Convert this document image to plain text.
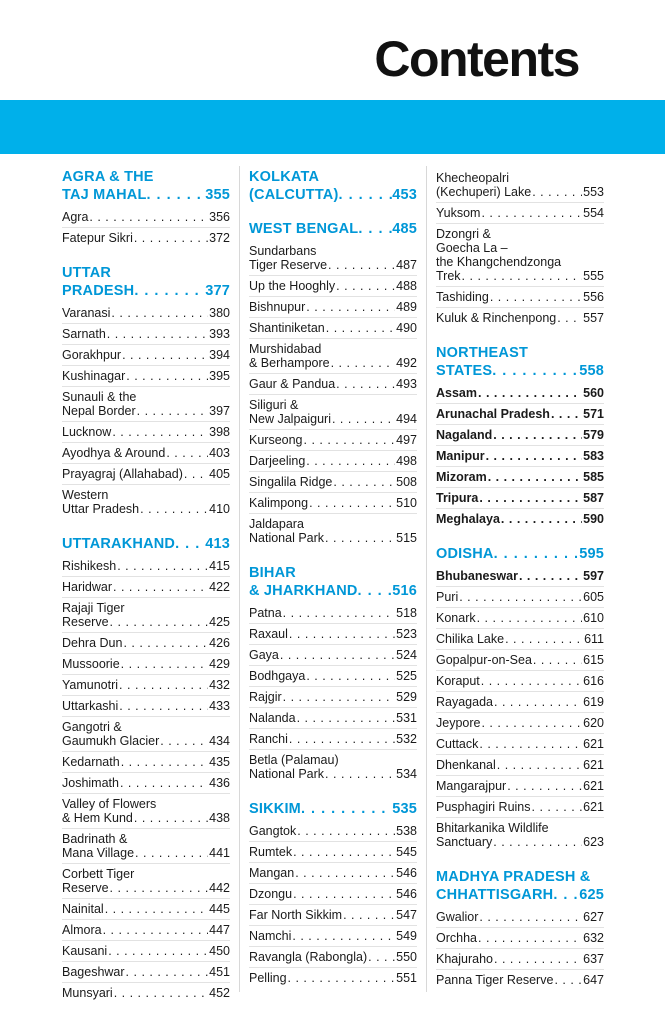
Contents
AGRA & THE
TAJ MAHAL . . .	355
Agra . . .	356
Fatepur Sikri . . .	372
UTTAR
PRADESH . . .	377
Varanasi . . .	380
Sarnath . . .	393
Gorakhpur . . .	394
Kushinagar . . .	395
Sunauli & the
Nepal Border . . .	397
Lucknow . . .	398
Ayodhya & Around . . .	403
Prayagraj (Allahabad) . . . 405
Western
Uttar Pradesh . . .	410
UTTARAKHAND . . . 413
Rishikesh . . .	415
Haridwar . . .	422
Rajaji Tiger
Reserve . . .	425
Dehra Dun . . .	426
Mussoorie . . .	429
Yamunotri . . .	432
Uttarkashi . . .	433
Gangotri &
Gaumukh Glacier . . .	434
Kedarnath . . .	435
Joshimath . . .	436
Valley of Flowers
& Hem Kund . . .	438
Badrinath &
Mana Village . . .	441
Corbett Tiger
Reserve . . .	442
Nainital . . .	445
Almora . . .	447
Kausani . . .	450
Bageshwar . . .	451
Munsyari . . .	452
KOLKATA
(CALCUTTA) . . .	453
WEST BENGAL . . . 485
Sundarbans
Tiger Reserve . . .	487
Up the Hooghly . . .	488
Bishnupur . . .	489
Shantiniketan . . .	490
Murshidabad
& Berhampore . . .	492
Gaur & Pandua . . .	493
Siliguri &
New Jalpaiguri . . .	494
Kurseong . . .	497
Darjeeling . . .	498
Singalila Ridge . . .	508
Kalimpong . . .	510
Jaldapara
National Park . . .	515
BIHAR
& JHARKHAND . . . 516
Patna . . .	518
Raxaul . . .	523
Gaya . . .	524
Bodhgaya . . .	525
Rajgir . . .	529
Nalanda . . .	531
Ranchi . . .	532
Betla (Palamau)
National Park . . .	534
SIKKIM . . .	535
Gangtok . . .	538
Rumtek . . .	545
Mangan . . .	546
Dzongu . . .	546
Far North Sikkim . . .	547
Namchi . . .	549
Ravangla (Rabongla) . . . 550
Pelling . . .	551
Khecheopalri
(Kechuperi) Lake . . .	553
Yuksom . . .	554
Dzongri &
Goecha La –
the Khangchendzonga
Trek . . .	555
Tashiding . . .	556
Kuluk & Rinchenpong . . . 557
NORTHEAST
STATES . . .	558
Assam . . .	560
Arunachal Pradesh . . .	571
Nagaland . . .	579
Manipur . . .	583
Mizoram . . .	585
Tripura . . .	587
Meghalaya . . .	590
ODISHA . . .	595
Bhubaneswar . . .	597
Puri . . .	605
Konark . . .	610
Chilika Lake . . .	611
Gopalpur-on-Sea . . .	615
Koraput . . .	616
Rayagada . . .	619
Jeypore . . .	620
Cuttack . . .	621
Dhenkanal . . .	621
Mangarajpur . . .	621
Pusphagiri Ruins . . .	621
Bhitarkanika Wildlife
Sanctuary . . .	623
MADHYA PRADESH &
CHHATTISGARH . . . 625
Gwalior . . .	627
Orchha . . .	632
Khajuraho . . .	637
Panna Tiger Reserve . . . 647
